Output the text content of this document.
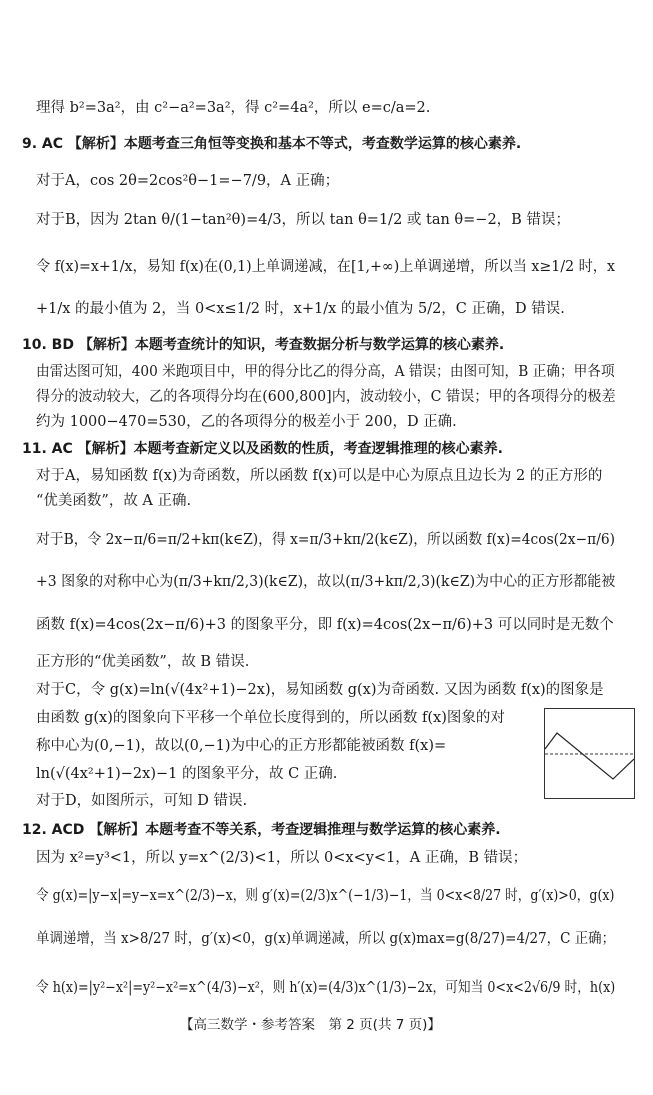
理得 b²=3a²，由 c²−a²=3a²，得 c²=4a²，所以 e=c/a=2.
9. AC 【解析】本题考查三角恒等变换和基本不等式，考查数学运算的核心素养.
对于A，cos 2θ=2cos²θ−1=−7/9，A 正确；
对于B，因为 2tan θ/(1−tan²θ)=4/3，所以 tan θ=1/2 或 tan θ=−2，B 错误；
令 f(x)=x+1/x，易知 f(x)在(0,1)上单调递减，在[1,+∞)上单调递增，所以当 x≥1/2 时，x
+1/x 的最小值为 2，当 0<x≤1/2 时，x+1/x 的最小值为 5/2，C 正确，D 错误.
10. BD 【解析】本题考查统计的知识，考查数据分析与数学运算的核心素养.
由雷达图可知，400 米跑项目中，甲的得分比乙的得分高，A 错误；由图可知，B 正确；甲各项
得分的波动较大，乙的各项得分均在(600,800]内，波动较小，C 错误；甲的各项得分的极差
约为 1000−470=530，乙的各项得分的极差小于 200，D 正确.
11. AC 【解析】本题考查新定义以及函数的性质，考查逻辑推理的核心素养.
对于A，易知函数 f(x)为奇函数，所以函数 f(x)可以是中心为原点且边长为 2 的正方形的
“优美函数”，故 A 正确.
对于B，令 2x−π/6=π/2+kπ(k∈Z)，得 x=π/3+kπ/2(k∈Z)，所以函数 f(x)=4cos(2x−π/6)
+3 图象的对称中心为(π/3+kπ/2,3)(k∈Z)，故以(π/3+kπ/2,3)(k∈Z)为中心的正方形都能被
函数 f(x)=4cos(2x−π/6)+3 的图象平分，即 f(x)=4cos(2x−π/6)+3 可以同时是无数个
正方形的“优美函数”，故 B 错误.
对于C，令 g(x)=ln(√(4x²+1)−2x)，易知函数 g(x)为奇函数. 又因为函数 f(x)的图象是
由函数 g(x)的图象向下平移一个单位长度得到的，所以函数 f(x)图象的对
称中心为(0,−1)，故以(0,−1)为中心的正方形都能被函数 f(x)=
ln(√(4x²+1)−2x)−1 的图象平分，故 C 正确.
对于D，如图所示，可知 D 错误.
12. ACD 【解析】本题考查不等关系，考查逻辑推理与数学运算的核心素养.
因为 x²=y³<1，所以 y=x^(2/3)<1，所以 0<x<y<1，A 正确，B 错误；
令 g(x)=|y−x|=y−x=x^(2/3)−x，则 g′(x)=(2/3)x^(−1/3)−1，当 0<x<8/27 时，g′(x)>0，g(x)
单调递增，当 x>8/27 时，g′(x)<0，g(x)单调递减，所以 g(x)max=g(8/27)=4/27，C 正确；
令 h(x)=|y²−x²|=y²−x²=x^(4/3)−x²，则 h′(x)=(4/3)x^(1/3)−2x，可知当 0<x<2√6/9 时，h(x)
【高三数学・参考答案　第 2 页(共 7 页)】
